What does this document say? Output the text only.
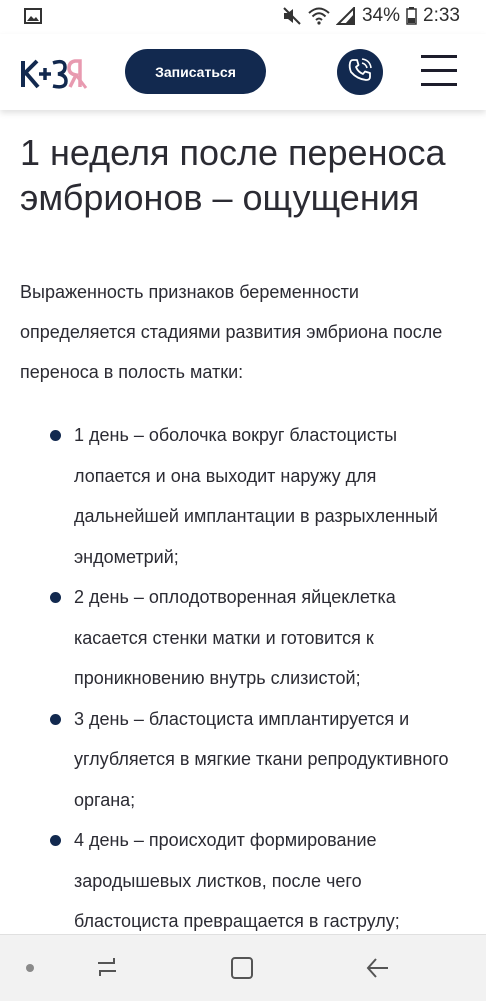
34% 2:33
Записаться
1 неделя после переноса эмбрионов – ощущения

Выраженность признаков беременности определяется стадиями развития эмбриона после переноса в полость матки:

1 день – оболочка вокруг бластоцисты лопается и она выходит наружу для дальнейшей имплантации в разрыхленный эндометрий;
2 день – оплодотворенная яйцеклетка касается стенки матки и готовится к проникновению внутрь слизистой;
3 день – бластоциста имплантируется и углубляется в мягкие ткани репродуктивного органа;
4 день – происходит формирование зародышевых листков, после чего бластоциста превращается в гаструлу;
